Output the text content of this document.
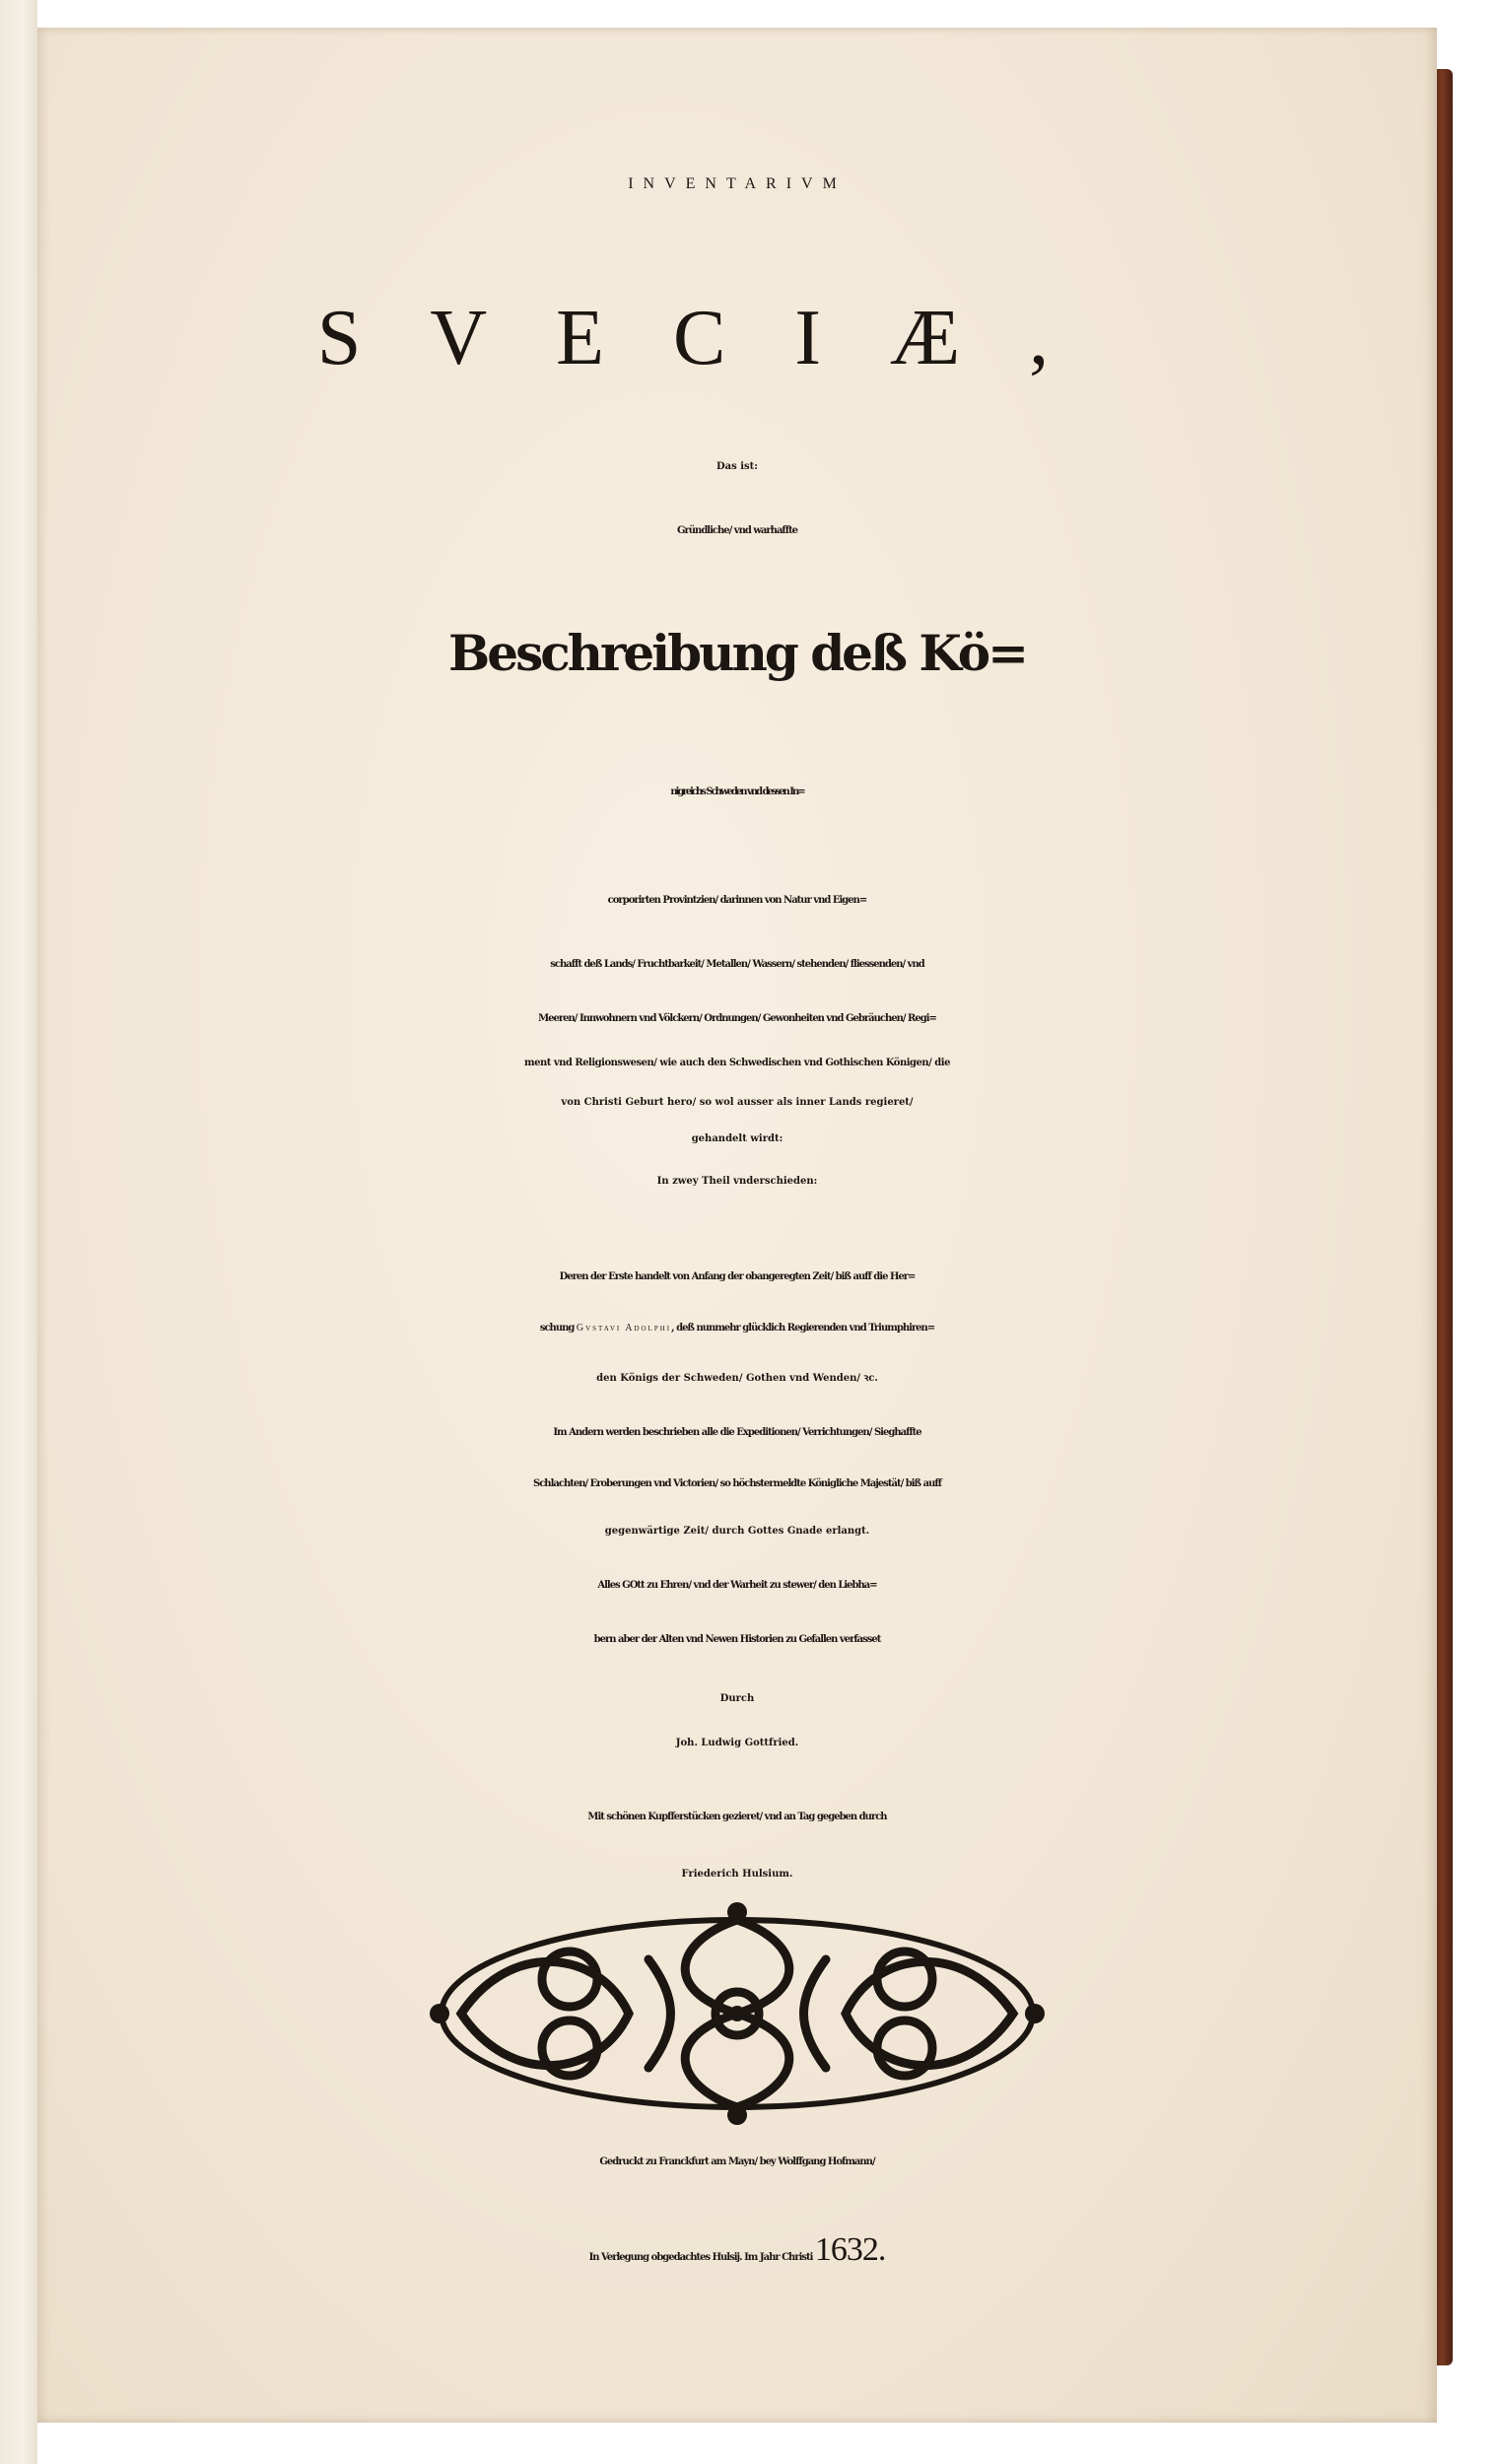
INVENTARIVM
SVECIÆ,
Das ist:
Gründliche/ vnd warhaffte
Beschreibung deß Kö=
nigreichs Schweden vnd dessen In=
corporirten Provintzien/ darinnen von Natur vnd Eigen=
schafft deß Lands/ Fruchtbarkeit/ Metallen/ Wassern/ stehenden/ fliessenden/ vnd
Meeren/ Innwohnern vnd Völckern/ Ordnungen/ Gewonheiten vnd Gebräuchen/ Regi=
ment vnd Religionswesen/ wie auch den Schwedischen vnd Gothischen Königen/ die
von Christi Geburt hero/ so wol ausser als inner Lands regieret/
gehandelt wirdt:
In zwey Theil vnderschieden:
Deren der Erste handelt von Anfang der obangeregten Zeit/ biß auff die Her=
schung Gvstavi Adolphi, deß nunmehr glücklich Regierenden vnd Triumphiren=
den Königs der Schweden/ Gothen vnd Wenden/ ꝛc.
Im Andern werden beschrieben alle die Expeditionen/ Verrichtungen/ Sieghaffte
Schlachten/ Eroberungen vnd Victorien/ so höchstermeldte Königliche Majestät/ biß auff
gegenwärtige Zeit/ durch Gottes Gnade erlangt.
Alles GOtt zu Ehren/ vnd der Warheit zu stewer/ den Liebha=
bern aber der Alten vnd Newen Historien zu Gefallen verfasset
Durch
Joh. Ludwig Gottfried.
Mit schönen Kupfferstücken gezieret/ vnd an Tag gegeben durch
Friederich Hulsium.
Gedruckt zu Franckfurt am Mayn/ bey Wolffgang Hofmann/
In Verlegung obgedachtes Hulsij. Im Jahr Christi 1632.
